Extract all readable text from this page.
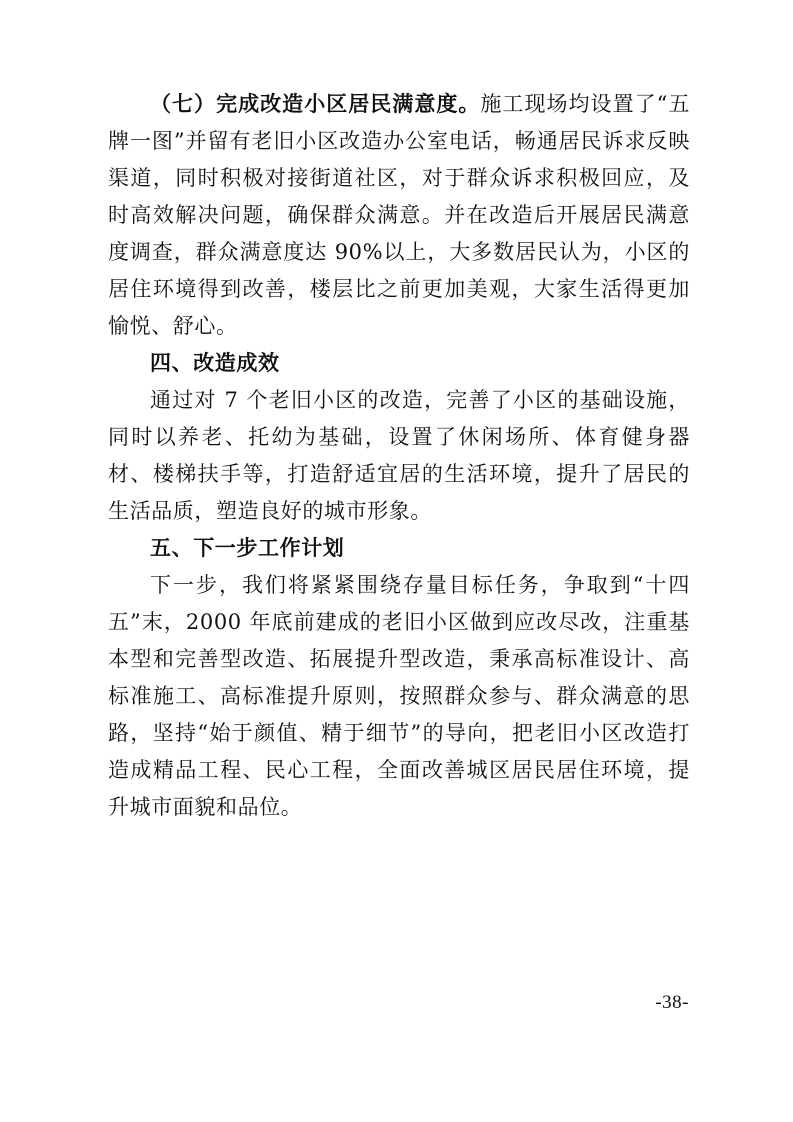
（七）完成改造小区居民满意度。施工现场均设置了“五牌一图”并留有老旧小区改造办公室电话，畅通居民诉求反映渠道，同时积极对接街道社区，对于群众诉求积极回应，及时高效解决问题，确保群众满意。并在改造后开展居民满意度调查，群众满意度达 90%以上，大多数居民认为，小区的居住环境得到改善，楼层比之前更加美观，大家生活得更加愉悦、舒心。

四、改造成效

通过对 7 个老旧小区的改造，完善了小区的基础设施，同时以养老、托幼为基础，设置了休闲场所、体育健身器材、楼梯扶手等，打造舒适宜居的生活环境，提升了居民的生活品质，塑造良好的城市形象。

五、下一步工作计划

下一步，我们将紧紧围绕存量目标任务，争取到“十四五”末，2000 年底前建成的老旧小区做到应改尽改，注重基本型和完善型改造、拓展提升型改造，秉承高标准设计、高标准施工、高标准提升原则，按照群众参与、群众满意的思路，坚持“始于颜值、精于细节”的导向，把老旧小区改造打造成精品工程、民心工程，全面改善城区居民居住环境，提升城市面貌和品位。

-38-
